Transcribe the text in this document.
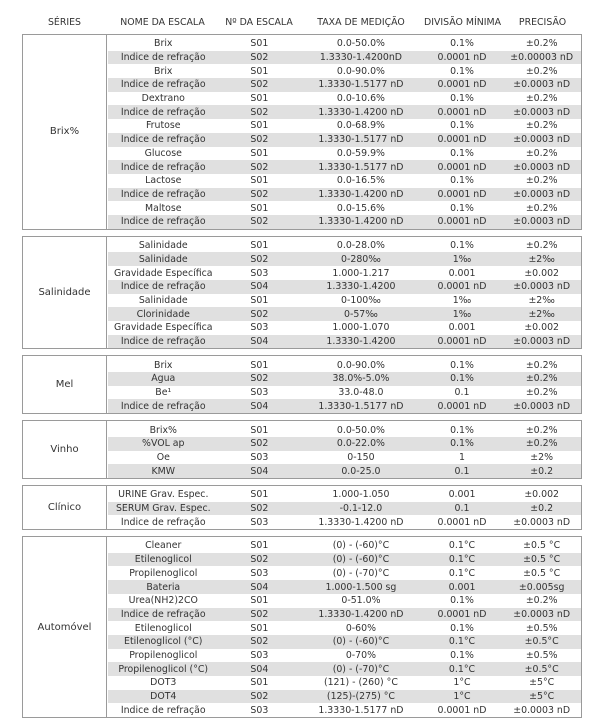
SÉRIES	NOME DA ESCALA	Nº DA ESCALA	TAXA DE MEDIÇÃO	DIVISÃO MÍNIMA	PRECISÃO
Brix%
Brix	S01	0.0-50.0%	0.1%	±0.2%
Índice de refração	S02	1.3330-1.4200nD	0.0001 nD	±0.00003 nD
Brix	S01	0.0-90.0%	0.1%	±0.2%
Índice de refração	S02	1.3330-1.5177 nD	0.0001 nD	±0.0003 nD
Dextrano	S01	0.0-10.6%	0.1%	±0.2%
Índice de refração	S02	1.3330-1.4200 nD	0.0001 nD	±0.0003 nD
Frutose	S01	0.0-68.9%	0.1%	±0.2%
Índice de refração	S02	1.3330-1.5177 nD	0.0001 nD	±0.0003 nD
Glucose	S01	0.0-59.9%	0.1%	±0.2%
Índice de refração	S02	1.3330-1.5177 nD	0.0001 nD	±0.0003 nD
Lactose	S01	0.0-16.5%	0.1%	±0.2%
Índice de refração	S02	1.3330-1.4200 nD	0.0001 nD	±0.0003 nD
Maltose	S01	0.0-15.6%	0.1%	±0.2%
Índice de refração	S02	1.3330-1.4200 nD	0.0001 nD	±0.0003 nD
Salinidade
Salinidade	S01	0.0-28.0%	0.1%	±0.2%
Salinidade	S02	0-280‰	1‰	±2‰
Gravidade Específica	S03	1.000-1.217	0.001	±0.002
Índice de refração	S04	1.3330-1.4200	0.0001 nD	±0.0003 nD
Salinidade	S01	0-100‰	1‰	±2‰
Clorinidade	S02	0-57‰	1‰	±2‰
Gravidade Específica	S03	1.000-1.070	0.001	±0.002
Índice de refração	S04	1.3330-1.4200	0.0001 nD	±0.0003 nD
Mel
Brix	S01	0.0-90.0%	0.1%	±0.2%
Água	S02	38.0%-5.0%	0.1%	±0.2%
Be¹	S03	33.0-48.0	0.1	±0.2%
Índice de refração	S04	1.3330-1.5177 nD	0.0001 nD	±0.0003 nD
Vinho
Brix%	S01	0.0-50.0%	0.1%	±0.2%
%VOL ap	S02	0.0-22.0%	0.1%	±0.2%
Oe	S03	0-150	1	±2%
KMW	S04	0.0-25.0	0.1	±0.2
Clínico
URINE Grav. Espec.	S01	1.000-1.050	0.001	±0.002
SERUM Grav. Espec.	S02	-0.1-12.0	0.1	±0.2
Índice de refração	S03	1.3330-1.4200 nD	0.0001 nD	±0.0003 nD
Automóvel
Cleaner	S01	(0) - (-60)°C	0.1°C	±0.5 °C
Etilenoglicol	S02	(0) - (-60)°C	0.1°C	±0.5 °C
Propilenoglicol	S03	(0) - (-70)°C	0.1°C	±0.5 °C
Bateria	S04	1.000-1.500 sg	0.001	±0.005sg
Urea(NH2)2CO	S01	0-51.0%	0.1%	±0.2%
Índice de refração	S02	1.3330-1.4200 nD	0.0001 nD	±0.0003 nD
Etilenoglicol	S01	0-60%	0.1%	±0.5%
Etilenoglicol (°C)	S02	(0) - (-60)°C	0.1°C	±0.5°C
Propilenoglicol	S03	0-70%	0.1%	±0.5%
Propilenoglicol (°C)	S04	(0) - (-70)°C	0.1°C	±0.5°C
DOT3	S01	(121) - (260) °C	1°C	±5°C
DOT4	S02	(125)-(275) °C	1°C	±5°C
Índice de refração	S03	1.3330-1.5177 nD	0.0001 nD	±0.0003 nD
